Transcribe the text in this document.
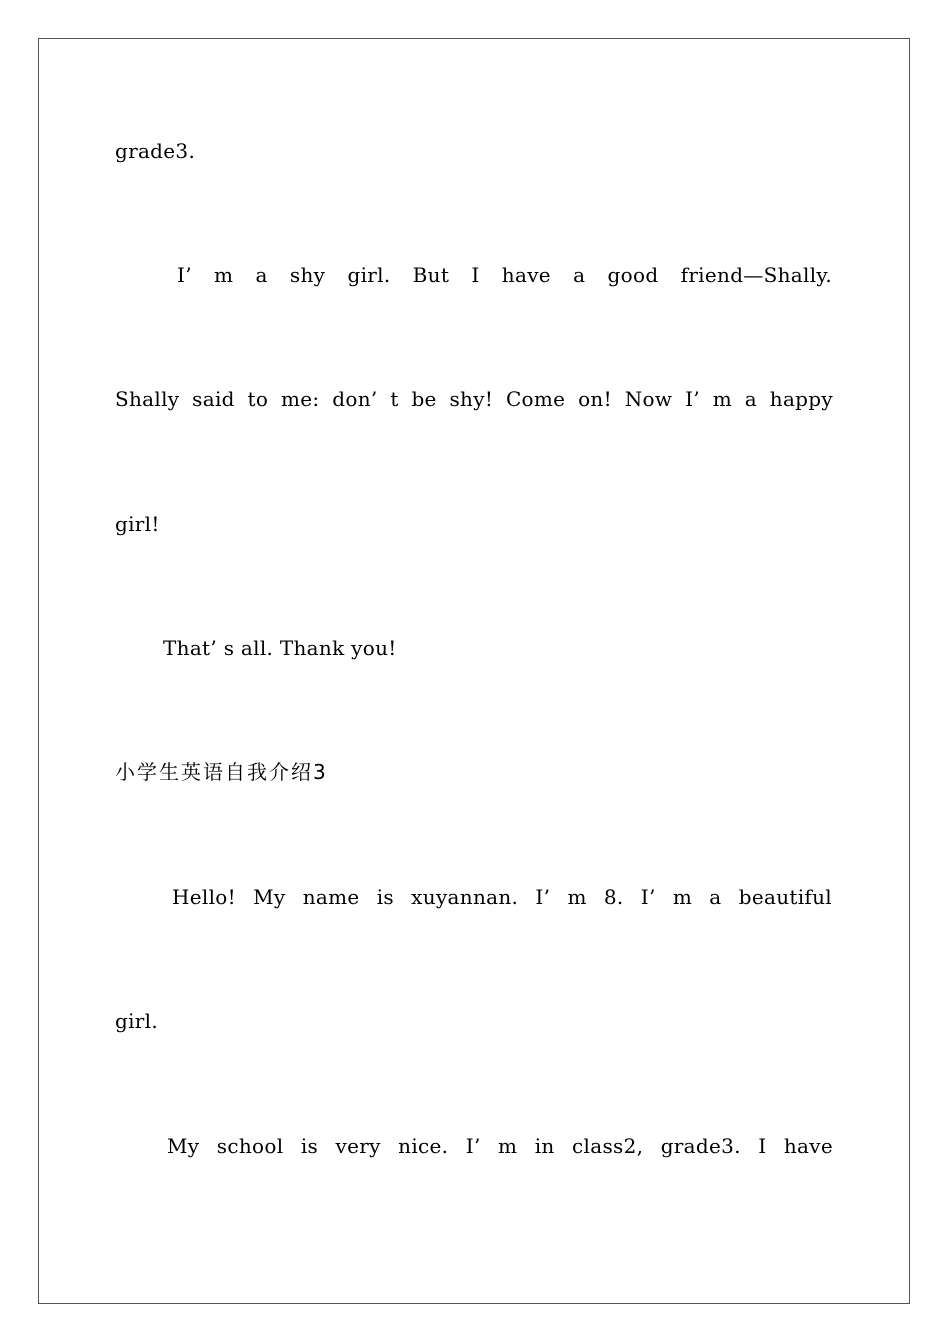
grade3.
I’ m a shy girl. But I have a good friend—Shally.
Shally said to me: don’ t be shy! Come on! Now I’ m a happy
girl!
That’ s all. Thank you!
小学生英语自我介绍3
Hello! My name is xuyannan. I’ m 8. I’ m a beautiful
girl.
My school is very nice. I’ m in class2, grade3. I have
